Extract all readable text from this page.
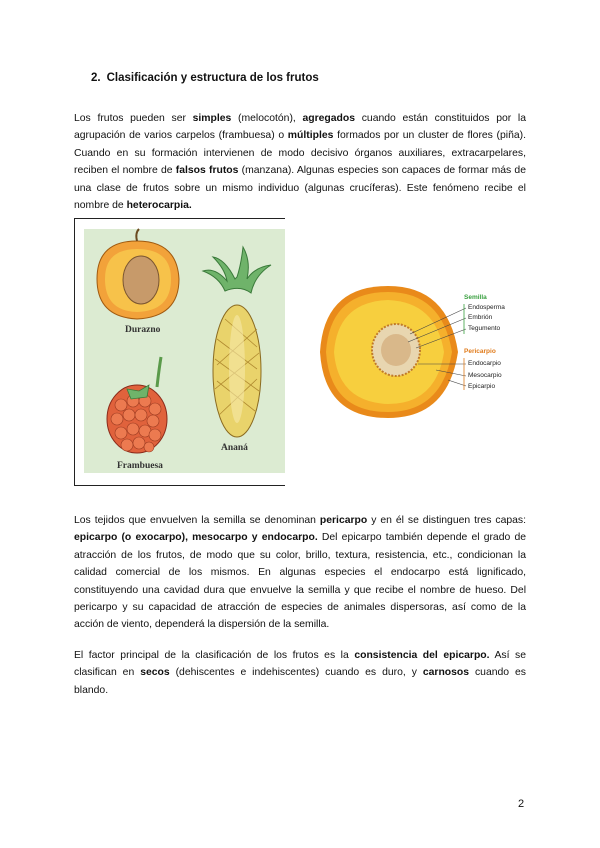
2. Clasificación y estructura de los frutos

Los frutos pueden ser simples (melocotón), agregados cuando están constituidos por la agrupación de varios carpelos (frambuesa) o múltiples formados por un cluster de flores (piña). Cuando en su formación intervienen de modo decisivo órganos auxiliares, extracarpelares, reciben el nombre de falsos frutos (manzana). Algunas especies son capaces de formar más de una clase de frutos sobre un mismo individuo (algunas crucíferas). Este fenómeno recibe el nombre de heterocarpia.

Durazno
Ananá
Frambuesa
Semilla
Endosperma
Embrión
Tegumento
Pericarpio
Endocarpio
Mesocarpio
Epicarpio

Los tejidos que envuelven la semilla se denominan pericarpo y en él se distinguen tres capas: epicarpo (o exocarpo), mesocarpo y endocarpo. Del epicarpo también depende el grado de atracción de los frutos, de modo que su color, brillo, textura, resistencia, etc., condicionan la calidad comercial de los mismos. En algunas especies el endocarpo está lignificado, constituyendo una cavidad dura que envuelve la semilla y que recibe el nombre de hueso. Del pericarpo y su capacidad de atracción de especies de animales dispersoras, así como de la acción de viento, dependerá la dispersión de la semilla.

El factor principal de la clasificación de los frutos es la consistencia del epicarpo. Así se clasifican en secos (dehiscentes e indehiscentes) cuando es duro, y carnosos cuando es blando.

2
